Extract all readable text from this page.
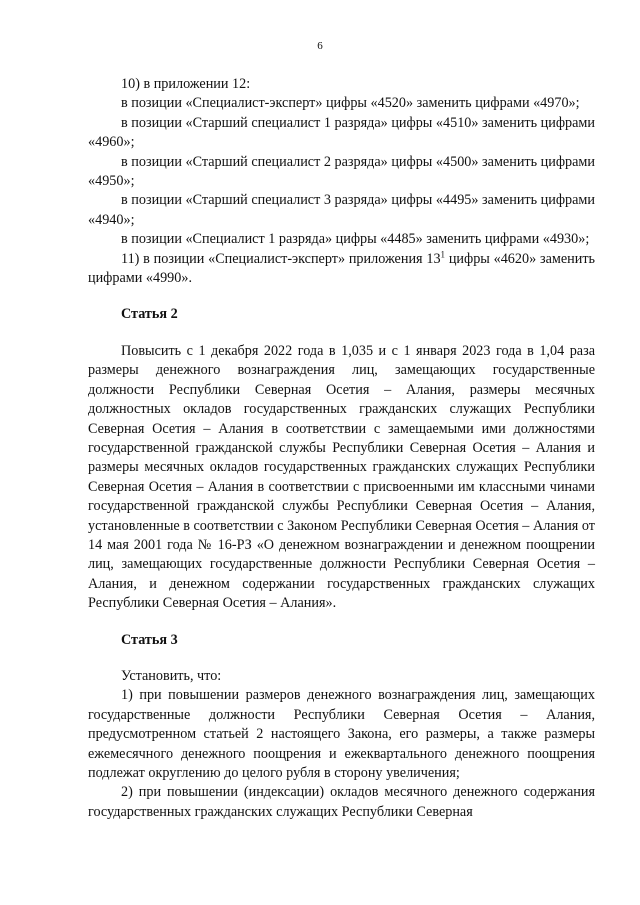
6

10) в приложении 12:

в позиции «Специалист-эксперт» цифры «4520» заменить цифрами «4970»;

в позиции «Старший специалист 1 разряда» цифры «4510» заменить цифрами «4960»;

в позиции «Старший специалист 2 разряда» цифры «4500» заменить цифрами «4950»;

в позиции «Старший специалист 3 разряда» цифры «4495» заменить цифрами «4940»;

в позиции «Специалист 1 разряда» цифры «4485» заменить цифрами «4930»;

11) в позиции «Специалист-эксперт» приложения $13^1$ цифры «4620» заменить цифрами «4990».

Статья 2

Повысить с 1 декабря 2022 года в 1,035 и с 1 января 2023 года в 1,04 раза размеры денежного вознаграждения лиц, замещающих государственные должности Республики Северная Осетия – Алания, размеры месячных должностных окладов государственных гражданских служащих Республики Северная Осетия – Алания в соответствии с замещаемыми ими должностями государственной гражданской службы Республики Северная Осетия – Алания и размеры месячных окладов государственных гражданских служащих Республики Северная Осетия – Алания в соответствии с присвоенными им классными чинами государственной гражданской службы Республики Северная Осетия – Алания, установленные в соответствии с Законом Республики Северная Осетия – Алания от 14 мая 2001 года № 16-РЗ «О денежном вознаграждении и денежном поощрении лиц, замещающих государственные должности Республики Северная Осетия – Алания, и денежном содержании государственных гражданских служащих Республики Северная Осетия – Алания».

Статья 3

Установить, что:

1) при повышении размеров денежного вознаграждения лиц, замещающих государственные должности Республики Северная Осетия – Алания, предусмотренном статьей 2 настоящего Закона, его размеры, а также размеры ежемесячного денежного поощрения и ежеквартального денежного поощрения подлежат округлению до целого рубля в сторону увеличения;

2) при повышении (индексации) окладов месячного денежного содержания государственных гражданских служащих Республики Северная
